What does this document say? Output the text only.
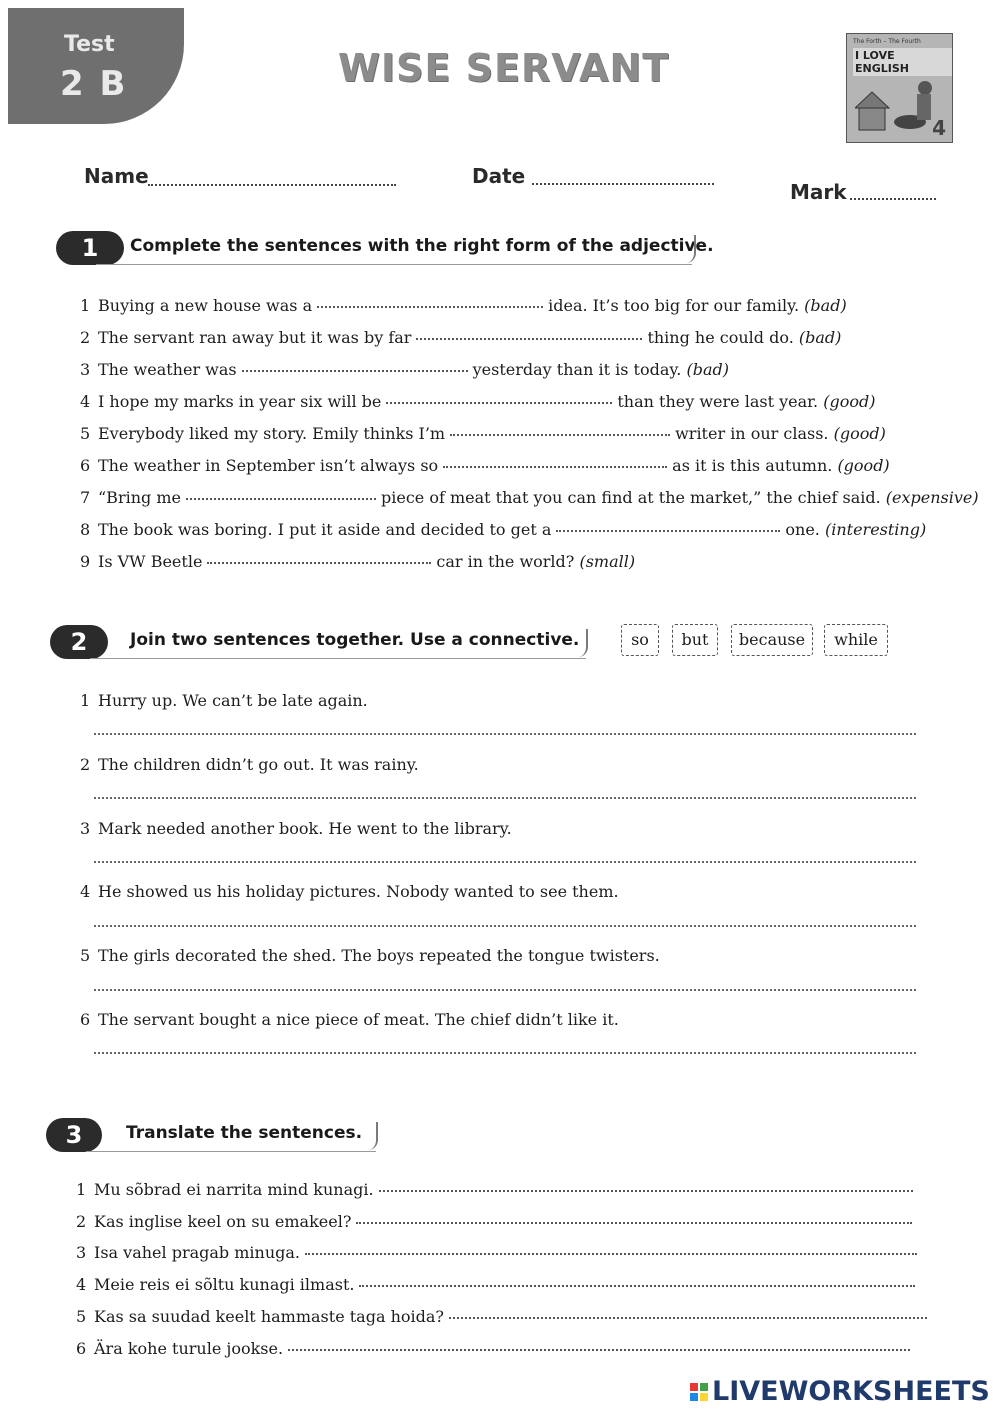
Test
2 B	WISE SERVANT
The Forth – The Fourth
I LOVE ENGLISH
4
Name	Date
Mark
1	Complete the sentences with the right form of the adjective.
1 Buying a new house was a	idea. It’s too big for our family.
(bad)
2 The servant ran away but it was by far	thing he could do.
(bad)
3 The weather was	yesterday than it is today.
(bad)
4 I hope my marks in year six will be	than they were last year.
(good)
5 Everybody liked my story. Emily thinks I’m	writer in our class.
(good)
6 The weather in September isn’t always so	as it is this autumn.
(good)
7 “Bring me	piece of meat that you can find at the market,” the chief said.
(expensive)
8 The book was boring. I put it aside and decided to get a	one.
(interesting)
9 Is VW Beetle	car in the world?
(small)
2	Join two sentences together. Use a connective.	so	but	because	while
1 Hurry up. We can’t be late again.
2 The children didn’t go out. It was rainy.
3 Mark needed another book. He went to the library.
4 He showed us his holiday pictures. Nobody wanted to see them.
5 The girls decorated the shed. The boys repeated the tongue twisters.
6 The servant bought a nice piece of meat. The chief didn’t like it.
3	Translate the sentences.
1 Mu sõbrad ei narrita mind kunagi.
2 Kas inglise keel on su emakeel?
3 Isa vahel pragab minuga.
4 Meie reis ei sõltu kunagi ilmast.
5 Kas sa suudad keelt hammaste taga hoida?
6 Ära kohe turule jookse.
LIVEWORKSHEETS
